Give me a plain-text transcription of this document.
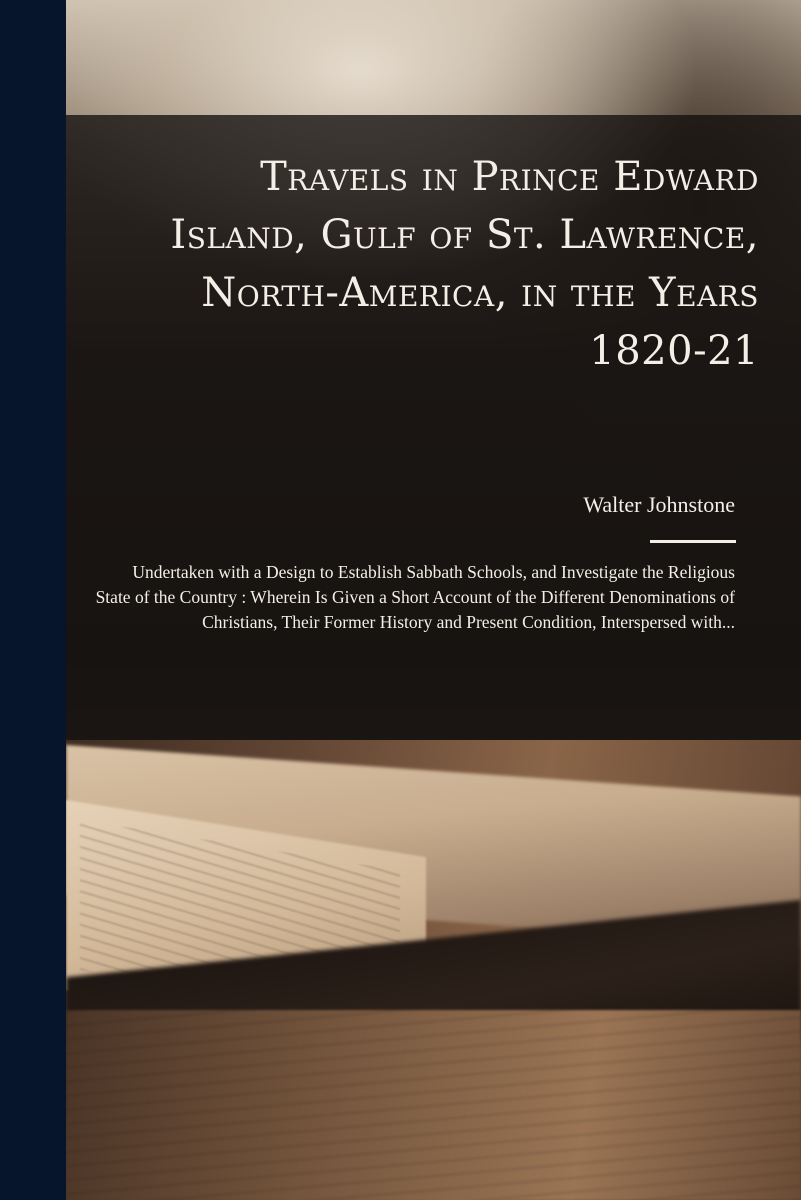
Travels in Prince Edward Island, Gulf of St. Lawrence, North-America, in the Years 1820-21

Walter Johnstone

Undertaken with a Design to Establish Sabbath Schools, and Investigate the Religious State of the Country : Wherein Is Given a Short Account of the Different Denominations of Christians, Their Former History and Present Condition, Interspersed with...
